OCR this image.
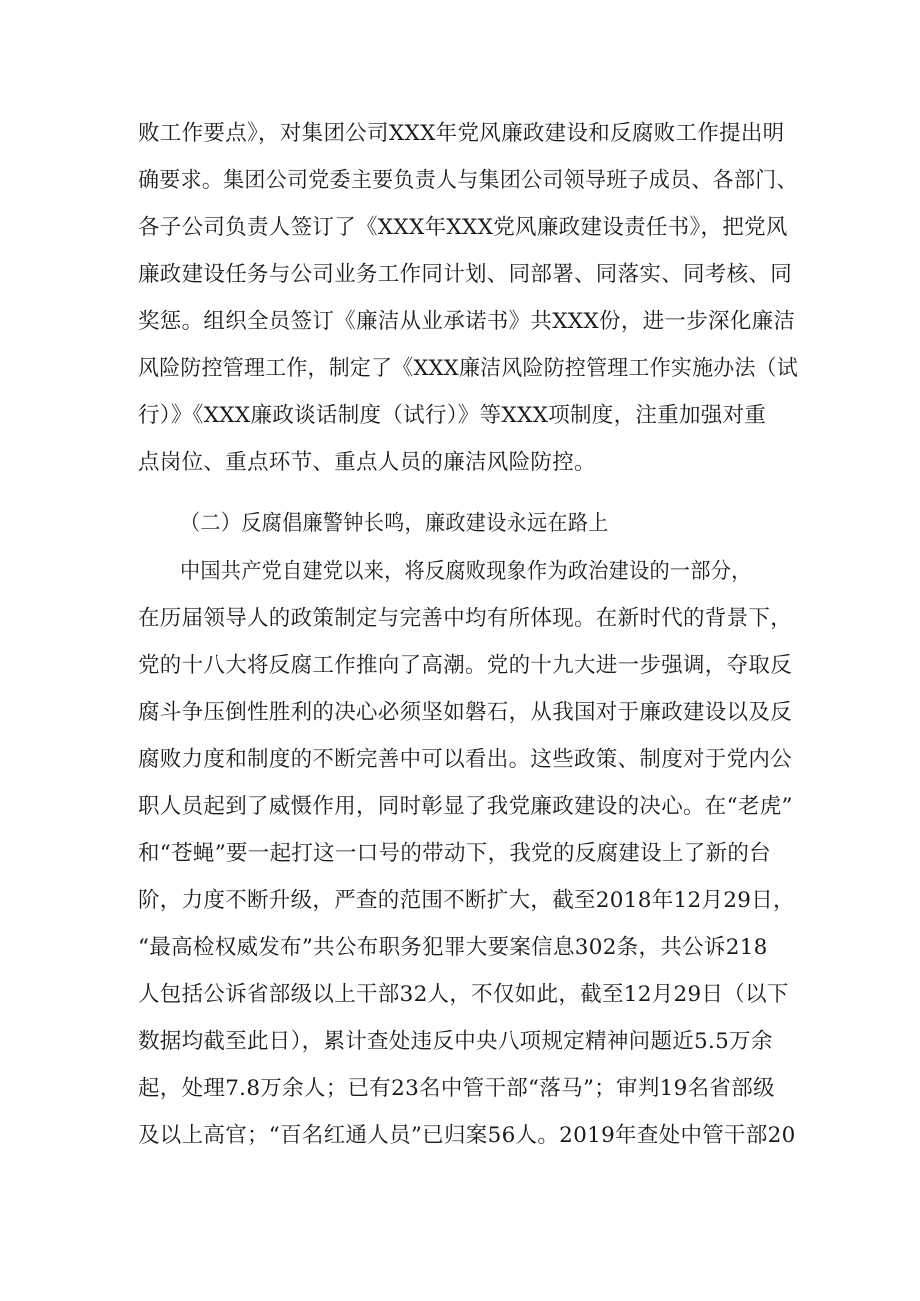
败工作要点》，对集团公司XXX年党风廉政建设和反腐败工作提出明
确要求。集团公司党委主要负责人与集团公司领导班子成员、各部门、
各子公司负责人签订了《XXX年XXX党风廉政建设责任书》，把党风
廉政建设任务与公司业务工作同计划、同部署、同落实、同考核、同
奖惩。组织全员签订《廉洁从业承诺书》共XXX份，进一步深化廉洁
风险防控管理工作，制定了《XXX廉洁风险防控管理工作实施办法（试
行）》《XXX廉政谈话制度（试行）》等XXX项制度，注重加强对重
点岗位、重点环节、重点人员的廉洁风险防控。
（二）反腐倡廉警钟长鸣，廉政建设永远在路上
中国共产党自建党以来，将反腐败现象作为政治建设的一部分，
在历届领导人的政策制定与完善中均有所体现。在新时代的背景下，
党的十八大将反腐工作推向了高潮。党的十九大进一步强调，夺取反
腐斗争压倒性胜利的决心必须坚如磐石，从我国对于廉政建设以及反
腐败力度和制度的不断完善中可以看出。这些政策、制度对于党内公
职人员起到了威慑作用，同时彰显了我党廉政建设的决心。在“老虎”
和“苍蝇”要一起打这一口号的带动下，我党的反腐建设上了新的台
阶，力度不断升级，严查的范围不断扩大，截至2018年12月29日，
“最高检权威发布”共公布职务犯罪大要案信息302条，共公诉218
人包括公诉省部级以上干部32人，不仅如此，截至12月29日（以下
数据均截至此日），累计查处违反中央八项规定精神问题近5.5万余
起，处理7.8万余人；已有23名中管干部“落马”；审判19名省部级
及以上高官；“百名红通人员”已归案56人。2019年查处中管干部20
